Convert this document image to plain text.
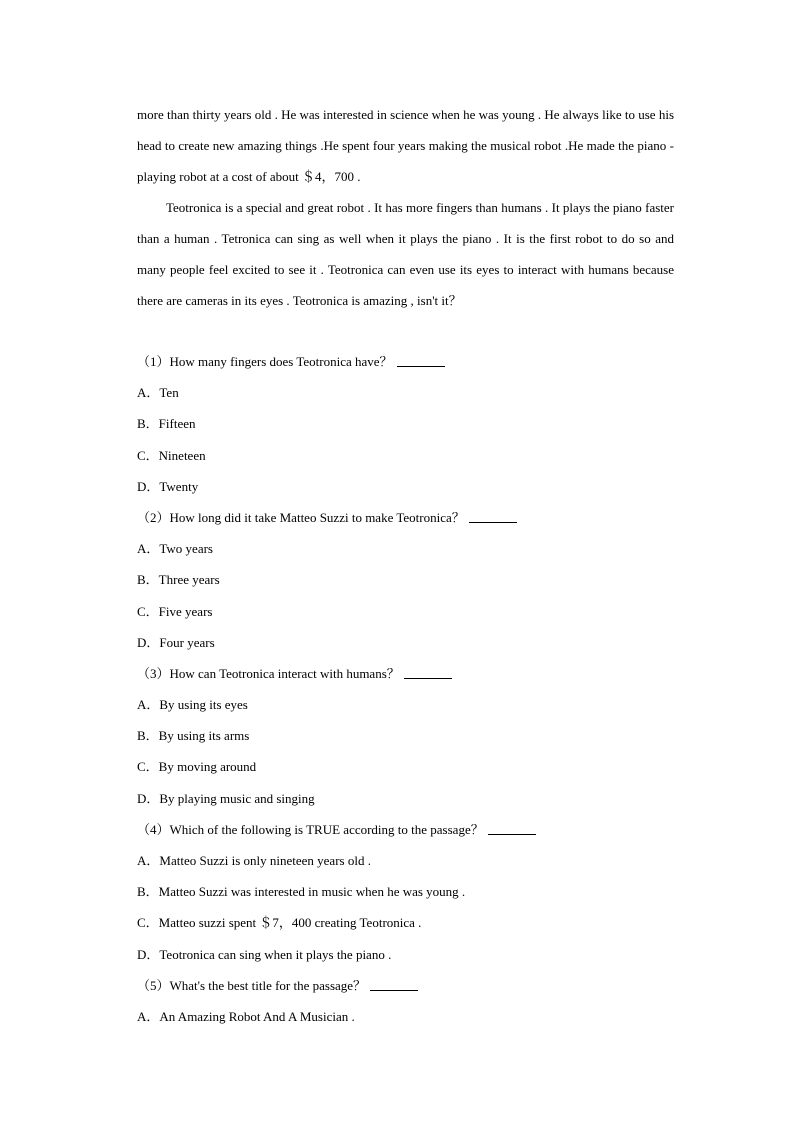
more than thirty years old . He was interested in science when he was young . He always like to use his head to create new amazing things .He spent four years making the musical robot .He made the piano - playing robot at a cost of about ＄4，700 .

Teotronica is a special and great robot . It has more fingers than humans . It plays the piano faster than a human . Tetronica can sing as well when it plays the piano . It is the first robot to do so and many people feel excited to see it . Teotronica can even use its eyes to interact with humans because there are cameras in its eyes . Teotronica is amazing , isn't it？

（1）How many fingers does Teotronica have？
A．Ten
B．Fifteen
C．Nineteen
D．Twenty
（2）How long did it take Matteo Suzzi to make Teotronica？
A．Two years
B．Three years
C．Five years
D．Four years
（3）How can Teotronica interact with humans？
A．By using its eyes
B．By using its arms
C．By moving around
D．By playing music and singing
（4）Which of the following is TRUE according to the passage？
A．Matteo Suzzi is only nineteen years old .
B．Matteo Suzzi was interested in music when he was young .
C．Matteo suzzi spent ＄7，400 creating Teotronica .
D．Teotronica can sing when it plays the piano .
（5）What's the best title for the passage？
A．An Amazing Robot And A Musician .
